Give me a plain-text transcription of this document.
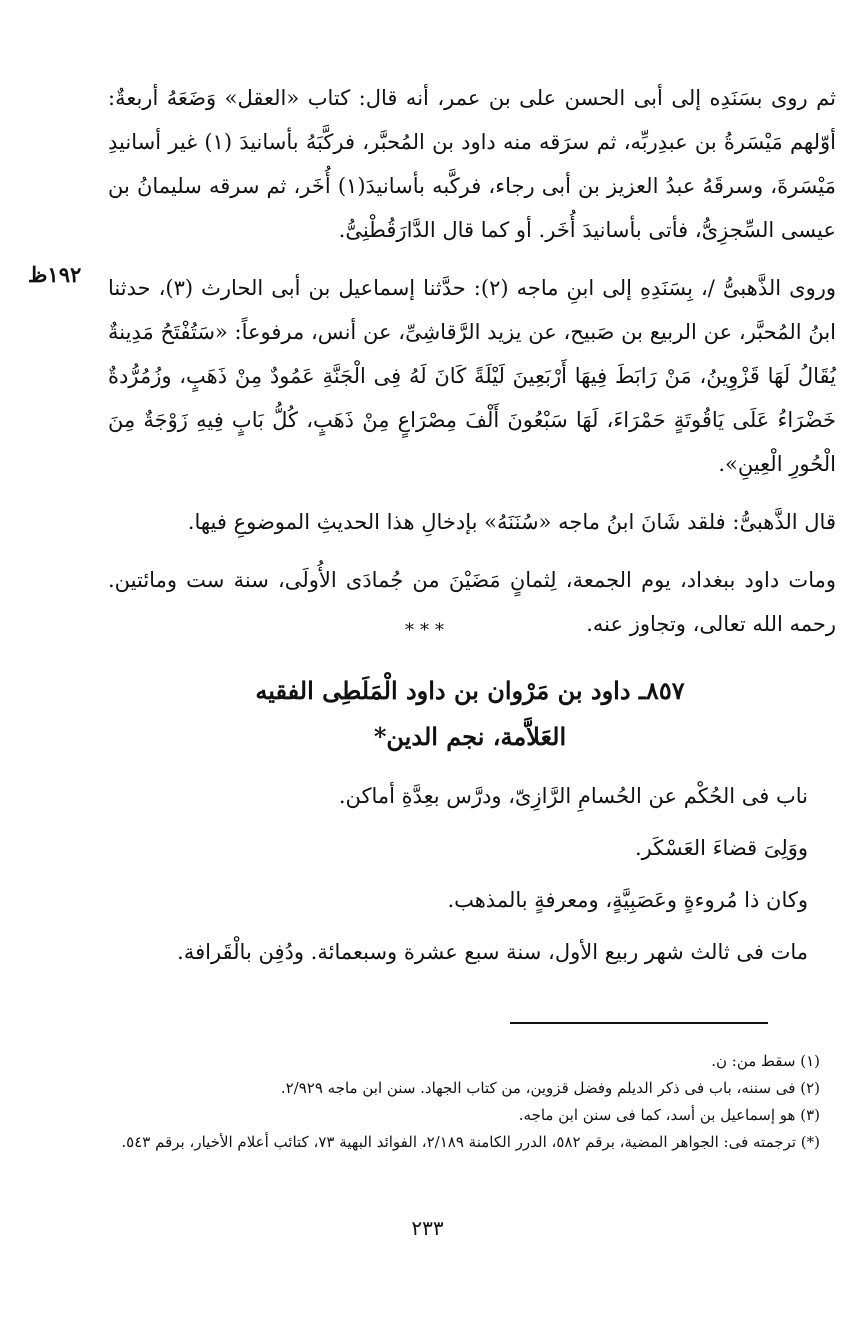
١٩٢ظ

ثم روى بسَنَدِه إلى أبى الحسن على بن عمر، أنه قال: كتاب «العقل» وَضَعَهُ أربعةٌ: أوّلهم مَيْسَرةُ بن عبدِربِّه، ثم سرَقه منه داود بن المُحبَّر، فركَّبَهُ بأسانيدَ (١) غير أسانيدِ مَيْسَرةَ، وسرقَهُ عبدُ العزيز بن أبى رجاء، فركَّبه بأسانيدَ(١) أُخَر، ثم سرقه سليمانُ بن عيسى السِّجزِىُّ، فأتى بأسانيدَ أُخَر. أو كما قال الدَّارَقُطْنِىُّ.

وروى الذَّهبىُّ /، بِسَنَدِهِ إلى ابنِ ماجه (٢): حدَّثنا إسماعيل بن أبى الحارث (٣)، حدثنا ابنُ المُحبَّر، عن الربيع بن صَبيح، عن يزيد الرَّقاشِىِّ، عن أنس، مرفوعاً: «سَتُفْتَحُ مَدِينةٌ يُقَالُ لَهَا قَزْوِينُ، مَنْ رَابَطَ فِيهَا أَرْبَعِينَ لَيْلَةً كَانَ لَهُ فِى الْجَنَّةِ عَمُودٌ مِنْ ذَهَبٍ، وزُمُرُّدةٌ خَضْرَاءُ عَلَى يَاقُوتَةٍ حَمْرَاءَ، لَهَا سَبْعُونَ أَلْفَ مِصْرَاعٍ مِنْ ذَهَبٍ، كُلُّ بَابٍ فِيهِ زَوْجَةٌ مِنَ الْحُورِ الْعِينِ».

قال الذَّهبىُّ: فلقد شَانَ ابنُ ماجه «سُنَنَهُ» بإدخالِ هذا الحديثِ الموضوعِ فيها.

ومات داود ببغداد، يوم الجمعة، لِثمانٍ مَضَيْنَ من جُمادَى الأُولَى، سنة ست ومائتين. رحمه الله تعالى، وتجاوز عنه.

***
٨٥٧ـ داود بن مَرْوان بن داود الْمَلَطِى الفقيه
العَلاَّمة، نجم الدين*

ناب فى الحُكْم عن الحُسامِ الرَّازِىّ، ودرَّس بعِدَّةِ أماكن.

ووَلِىَ قضاءَ العَسْكَر.

وكان ذا مُروءةٍ وعَصَبِيَّةٍ، ومعرفةٍ بالمذهب.

مات فى ثالث شهر ربيع الأول، سنة سبع عشرة وسبعمائة. ودُفِن بالْقَرافة.

(١) سقط من: ن.

(٢) فى سننه، باب فى ذكر الديلم وفضل قزوين، من كتاب الجهاد. سنن ابن ماجه ٢/٩٢٩.

(٣) هو إسماعيل بن أسد، كما فى سنن ابن ماجه.

(*) ترجمته فى: الجواهر المضية، برقم ٥٨٢، الدرر الكامنة ٢/١٨٩، الفوائد البهية ٧٣، كتائب أعلام الأخيار، برقم ٥٤٣.

٢٣٣
